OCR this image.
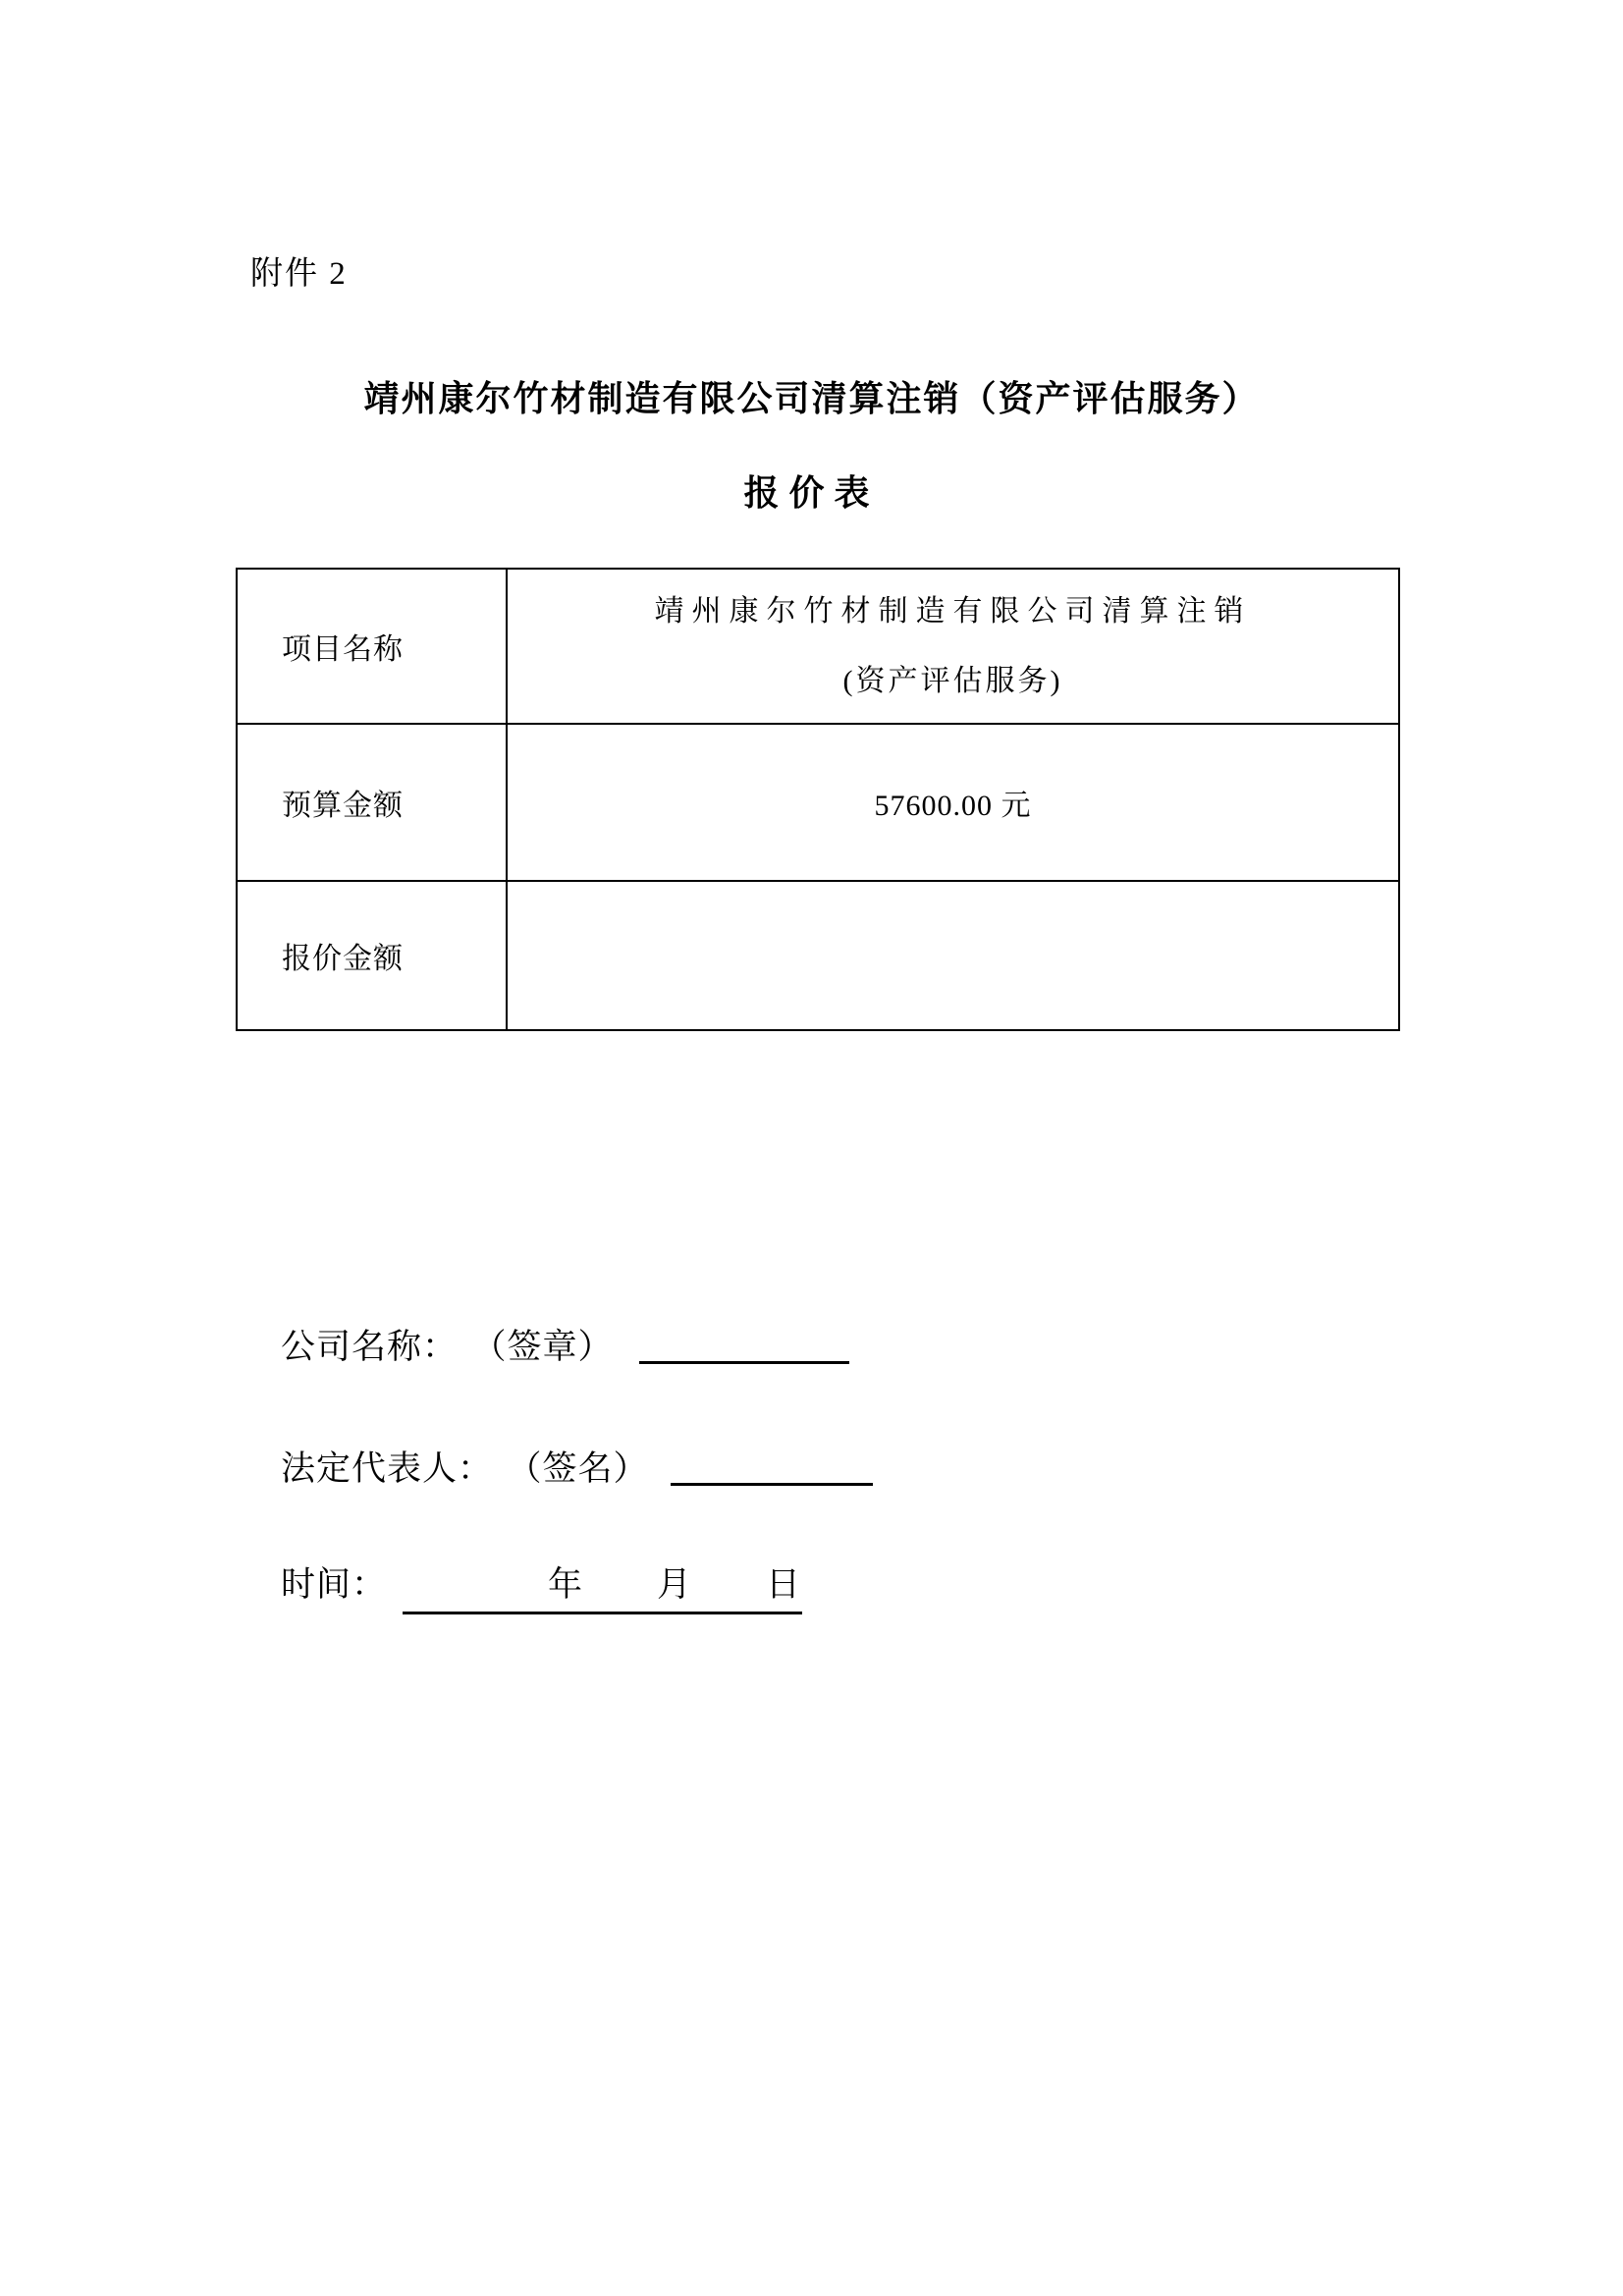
附件 2
靖州康尔竹材制造有限公司清算注销（资产评估服务）
报价表
项目名称	靖州康尔竹材制造有限公司清算注销
(资产评估服务)

预算金额	57600.00 元
报价金额	
公司名称： （签章）
法定代表人： （签名）
时间：　　　　年　　月　　日
